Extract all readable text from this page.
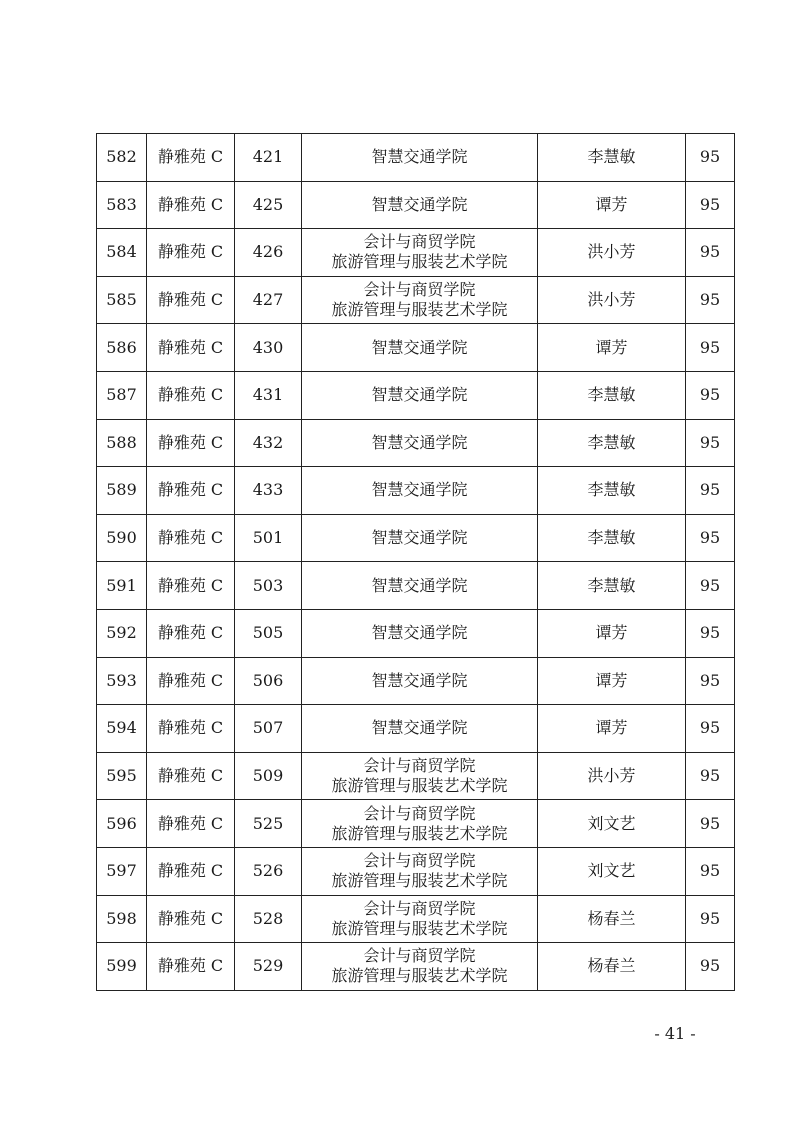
582	静雅苑 C	421	智慧交通学院	李慧敏	95
583	静雅苑 C	425	智慧交通学院	谭芳	95
584	静雅苑 C	426	会计与商贸学院
旅游管理与服装艺术学院	洪小芳	95
585	静雅苑 C	427	会计与商贸学院
旅游管理与服装艺术学院	洪小芳	95
586	静雅苑 C	430	智慧交通学院	谭芳	95
587	静雅苑 C	431	智慧交通学院	李慧敏	95
588	静雅苑 C	432	智慧交通学院	李慧敏	95
589	静雅苑 C	433	智慧交通学院	李慧敏	95
590	静雅苑 C	501	智慧交通学院	李慧敏	95
591	静雅苑 C	503	智慧交通学院	李慧敏	95
592	静雅苑 C	505	智慧交通学院	谭芳	95
593	静雅苑 C	506	智慧交通学院	谭芳	95
594	静雅苑 C	507	智慧交通学院	谭芳	95
595	静雅苑 C	509	会计与商贸学院
旅游管理与服装艺术学院	洪小芳	95
596	静雅苑 C	525	会计与商贸学院
旅游管理与服装艺术学院	刘文艺	95
597	静雅苑 C	526	会计与商贸学院
旅游管理与服装艺术学院	刘文艺	95
598	静雅苑 C	528	会计与商贸学院
旅游管理与服装艺术学院	杨春兰	95
599	静雅苑 C	529	会计与商贸学院
旅游管理与服装艺术学院	杨春兰	95
- 41 -
